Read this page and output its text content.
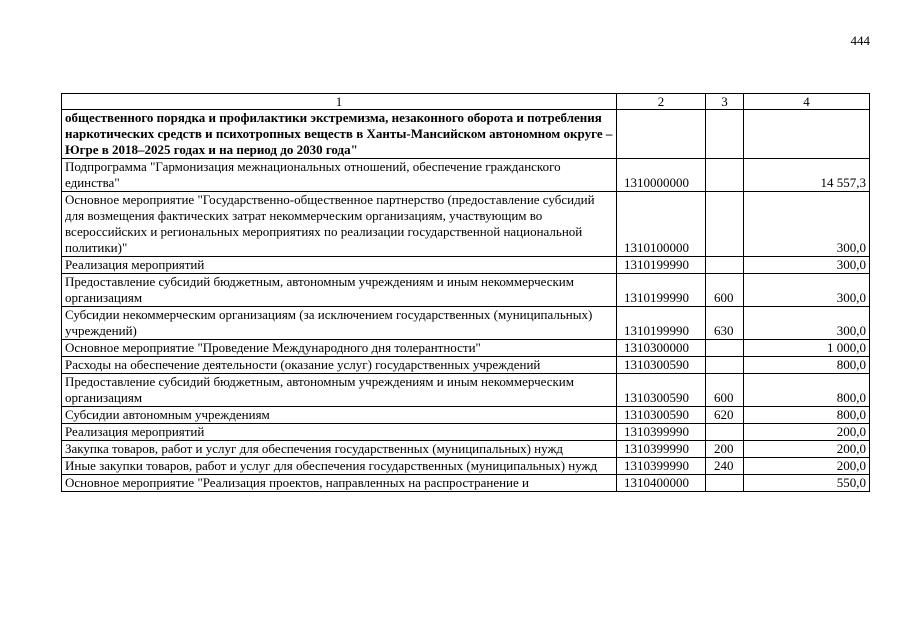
444
1	2	3	4
общественного порядка и профилактики экстремизма, незаконного оборота и потребления наркотических средств и психотропных веществ в Ханты-Мансийском автономном округе – Югре в 2018–2025 годах и на период до 2030 года"			
Подпрограмма "Гармонизация межнациональных отношений, обеспечение гражданского единства"	1310000000		14 557,3
Основное мероприятие "Государственно-общественное партнерство (предоставление субсидий для возмещения фактических затрат некоммерческим организациям, участвующим во всероссийских и региональных мероприятиях по реализации государственной национальной политики)"	1310100000		300,0
Реализация мероприятий	1310199990		300,0
Предоставление субсидий бюджетным, автономным учреждениям и иным некоммерческим организациям	1310199990	600	300,0
Субсидии некоммерческим организациям (за исключением государственных (муниципальных) учреждений)	1310199990	630	300,0
Основное мероприятие "Проведение Международного дня толерантности"	1310300000		1 000,0
Расходы на обеспечение деятельности (оказание услуг) государственных учреждений	1310300590		800,0
Предоставление субсидий бюджетным, автономным учреждениям и иным некоммерческим организациям	1310300590	600	800,0
Субсидии автономным учреждениям	1310300590	620	800,0
Реализация мероприятий	1310399990		200,0
Закупка товаров, работ и услуг для обеспечения государственных (муниципальных) нужд	1310399990	200	200,0
Иные закупки товаров, работ и услуг для обеспечения государственных (муниципальных) нужд	1310399990	240	200,0
Основное мероприятие "Реализация проектов, направленных на распространение и	1310400000		550,0
